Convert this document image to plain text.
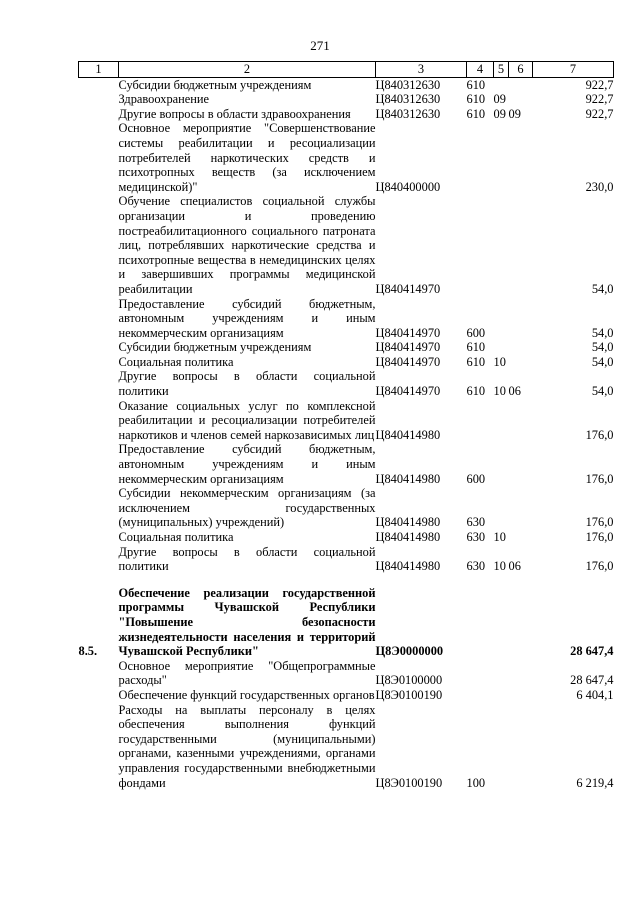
271
1	2	3	4	5	6	7
	Субсидии бюджетным учреждениям	Ц840312630	610			922,7
	Здравоохранение	Ц840312630	610	09		922,7
	Другие вопросы в области здравоохранения	Ц840312630	610	09	09	922,7
	Основное мероприятие "Совершенствование системы реабилитации и ресоциализации потребителей наркотических средств и психотропных веществ (за исключением медицинской)"	Ц840400000				230,0
	Обучение специалистов социальной службы организации и проведению постреабилитационного социального патроната лиц, потреблявших наркотические средства и психотропные вещества в немедицинских целях и завершивших программы медицинской реабилитации	Ц840414970				54,0
	Предоставление субсидий бюджетным, автономным учреждениям и иным некоммерческим организациям	Ц840414970	600			54,0
	Субсидии бюджетным учреждениям	Ц840414970	610			54,0
	Социальная политика	Ц840414970	610	10		54,0
	Другие вопросы в области социальной политики	Ц840414970	610	10	06	54,0
	Оказание социальных услуг по комплексной реабилитации и ресоциализации потребителей наркотиков и членов семей наркозависимых лиц	Ц840414980				176,0
	Предоставление субсидий бюджетным, автономным учреждениям и иным некоммерческим организациям	Ц840414980	600			176,0
	Субсидии некоммерческим организациям (за исключением государственных (муниципальных) учреждений)	Ц840414980	630			176,0
	Социальная политика	Ц840414980	630	10		176,0
	Другие вопросы в области социальной политики	Ц840414980	630	10	06	176,0

8.5.	Обеспечение реализации государственной программы Чувашской Республики "Повышение безопасности жизнедеятельности населения и территорий Чувашской Республики"	Ц8Э0000000				28 647,4
	Основное мероприятие "Общепрограммные расходы"	Ц8Э0100000				28 647,4
	Обеспечение функций государственных органов	Ц8Э0100190				6 404,1
	Расходы на выплаты персоналу в целях обеспечения выполнения функций государственными (муниципальными) органами, казенными учреждениями, органами управления государственными внебюджетными фондами	Ц8Э0100190	100			6 219,4
